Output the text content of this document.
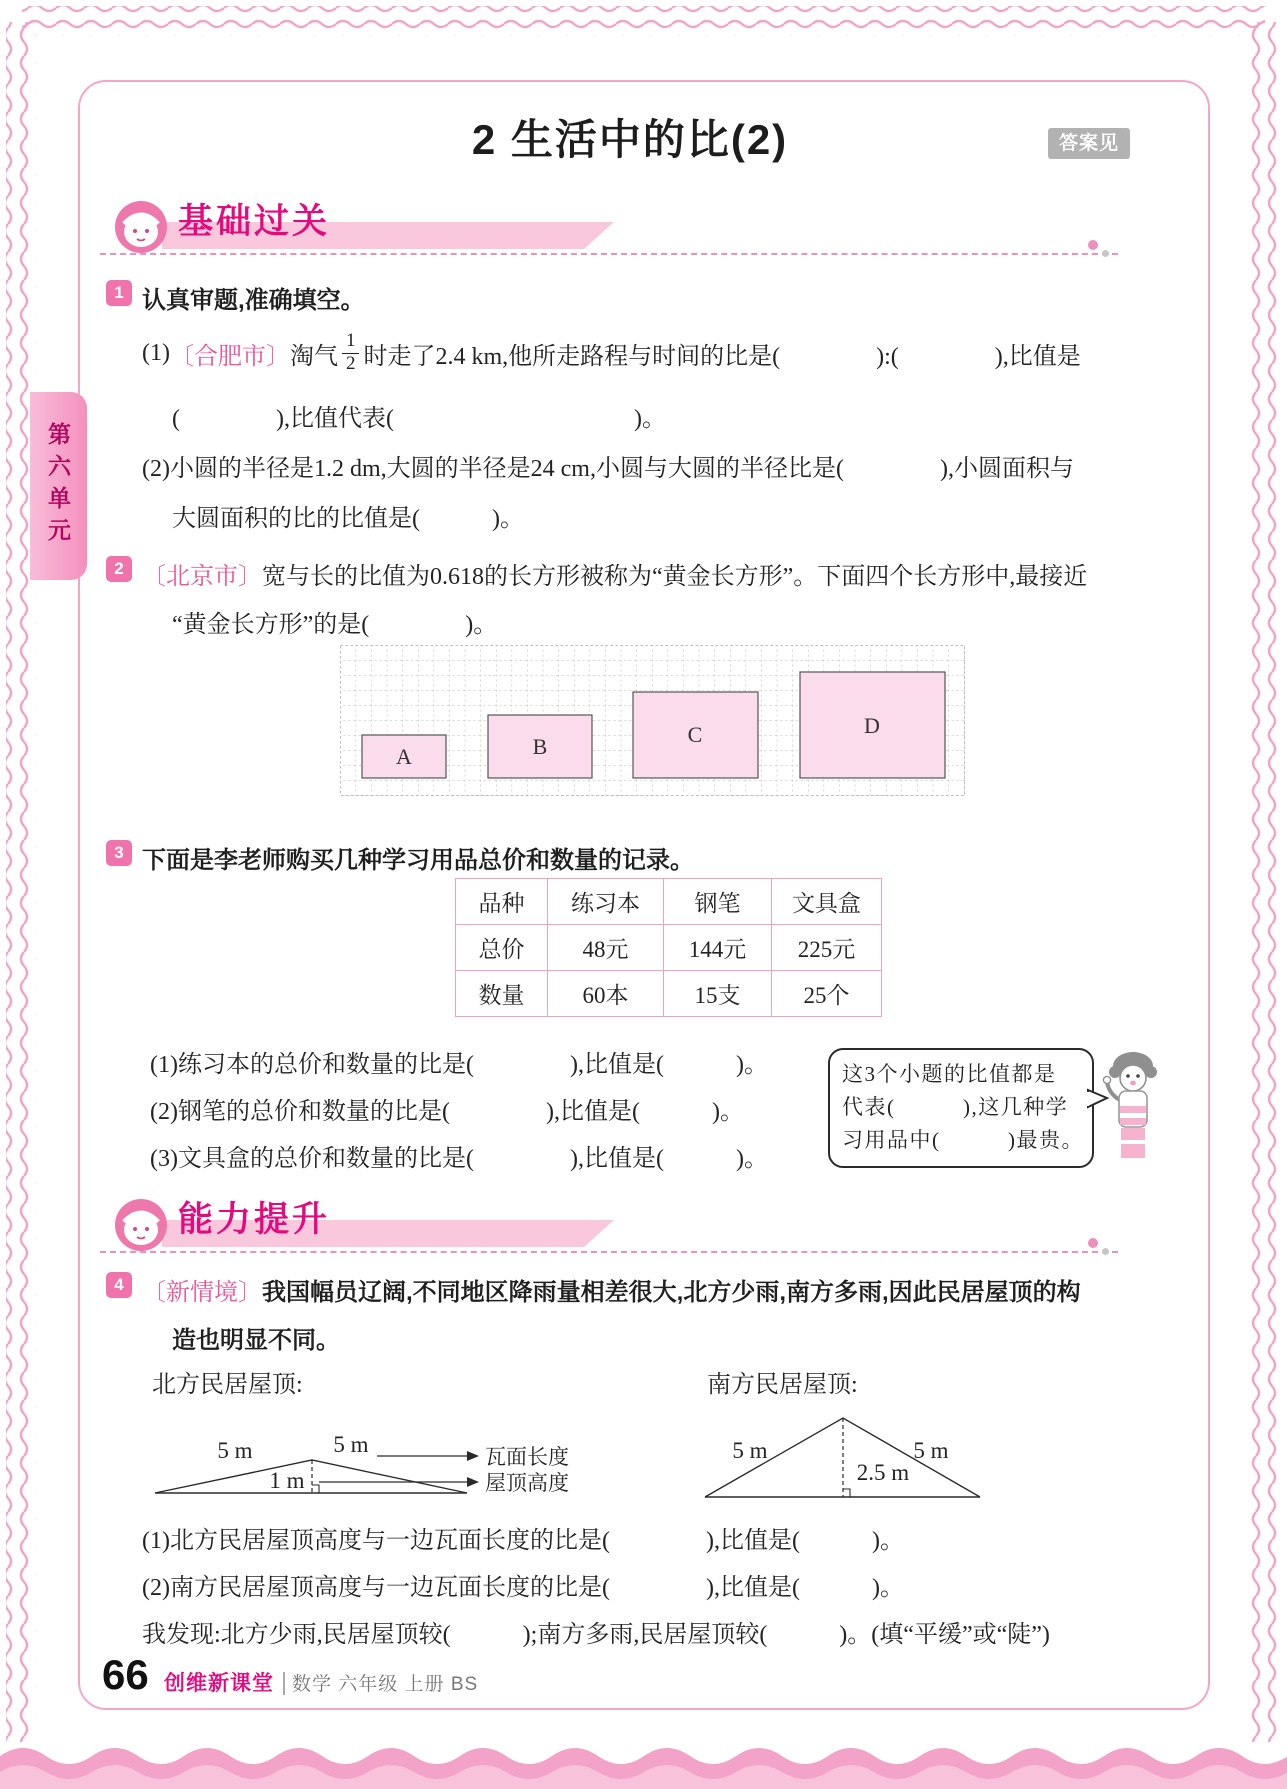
第六单元
2 生活中的比(2)	答案见P20
基础过关
1 认真审题,准确填空。
(1) 〔合肥市〕 淘气 $\frac{1}{2}$ 时走了2.4 km,他所走路程与时间的比是(　　　　):(　　　　),比值是
(　　　　),比值代表(　　　　　　　　　　)。
(2)小圆的半径是1.2 dm,大圆的半径是24 cm,小圆与大圆的半径比是(　　　　),小圆面积与
大圆面积的比的比值是(　　　)。
2 〔北京市〕宽与长的比值为0.618的长方形被称为“黄金长方形”。下面四个长方形中,最接近
“黄金长方形”的是(　　　　)。
A	B	C	D
3 下面是李老师购买几种学习用品总价和数量的记录。
品种	练习本	钢笔	文具盒
总价	48元	144元	225元
数量	60本	15支	25个
(1)练习本的总价和数量的比是(　　　　),比值是(　　　)。
(2)钢笔的总价和数量的比是(　　　　),比值是(　　　)。
(3)文具盒的总价和数量的比是(　　　　),比值是(　　　)。
这3个小题的比值都是
代表(　　　),这几种学
习用品中(　　　)最贵。
能力提升
4 〔新情境〕我国幅员辽阔,不同地区降雨量相差很大,北方少雨,南方多雨,因此民居屋顶的构
造也明显不同。
北方民居屋顶:	南方民居屋顶:
5 m	5 m
1 m
瓦面长度
屋顶高度
5 m	5 m
2.5 m
(1)北方民居屋顶高度与一边瓦面长度的比是(　　　　),比值是(　　　)。
(2)南方民居屋顶高度与一边瓦面长度的比是(　　　　),比值是(　　　)。
我发现:北方少雨,民居屋顶较(　　　);南方多雨,民居屋顶较(　　　)。(填“平缓”或“陡”)
66 创维新课堂 数学 六年级 上册 BS
